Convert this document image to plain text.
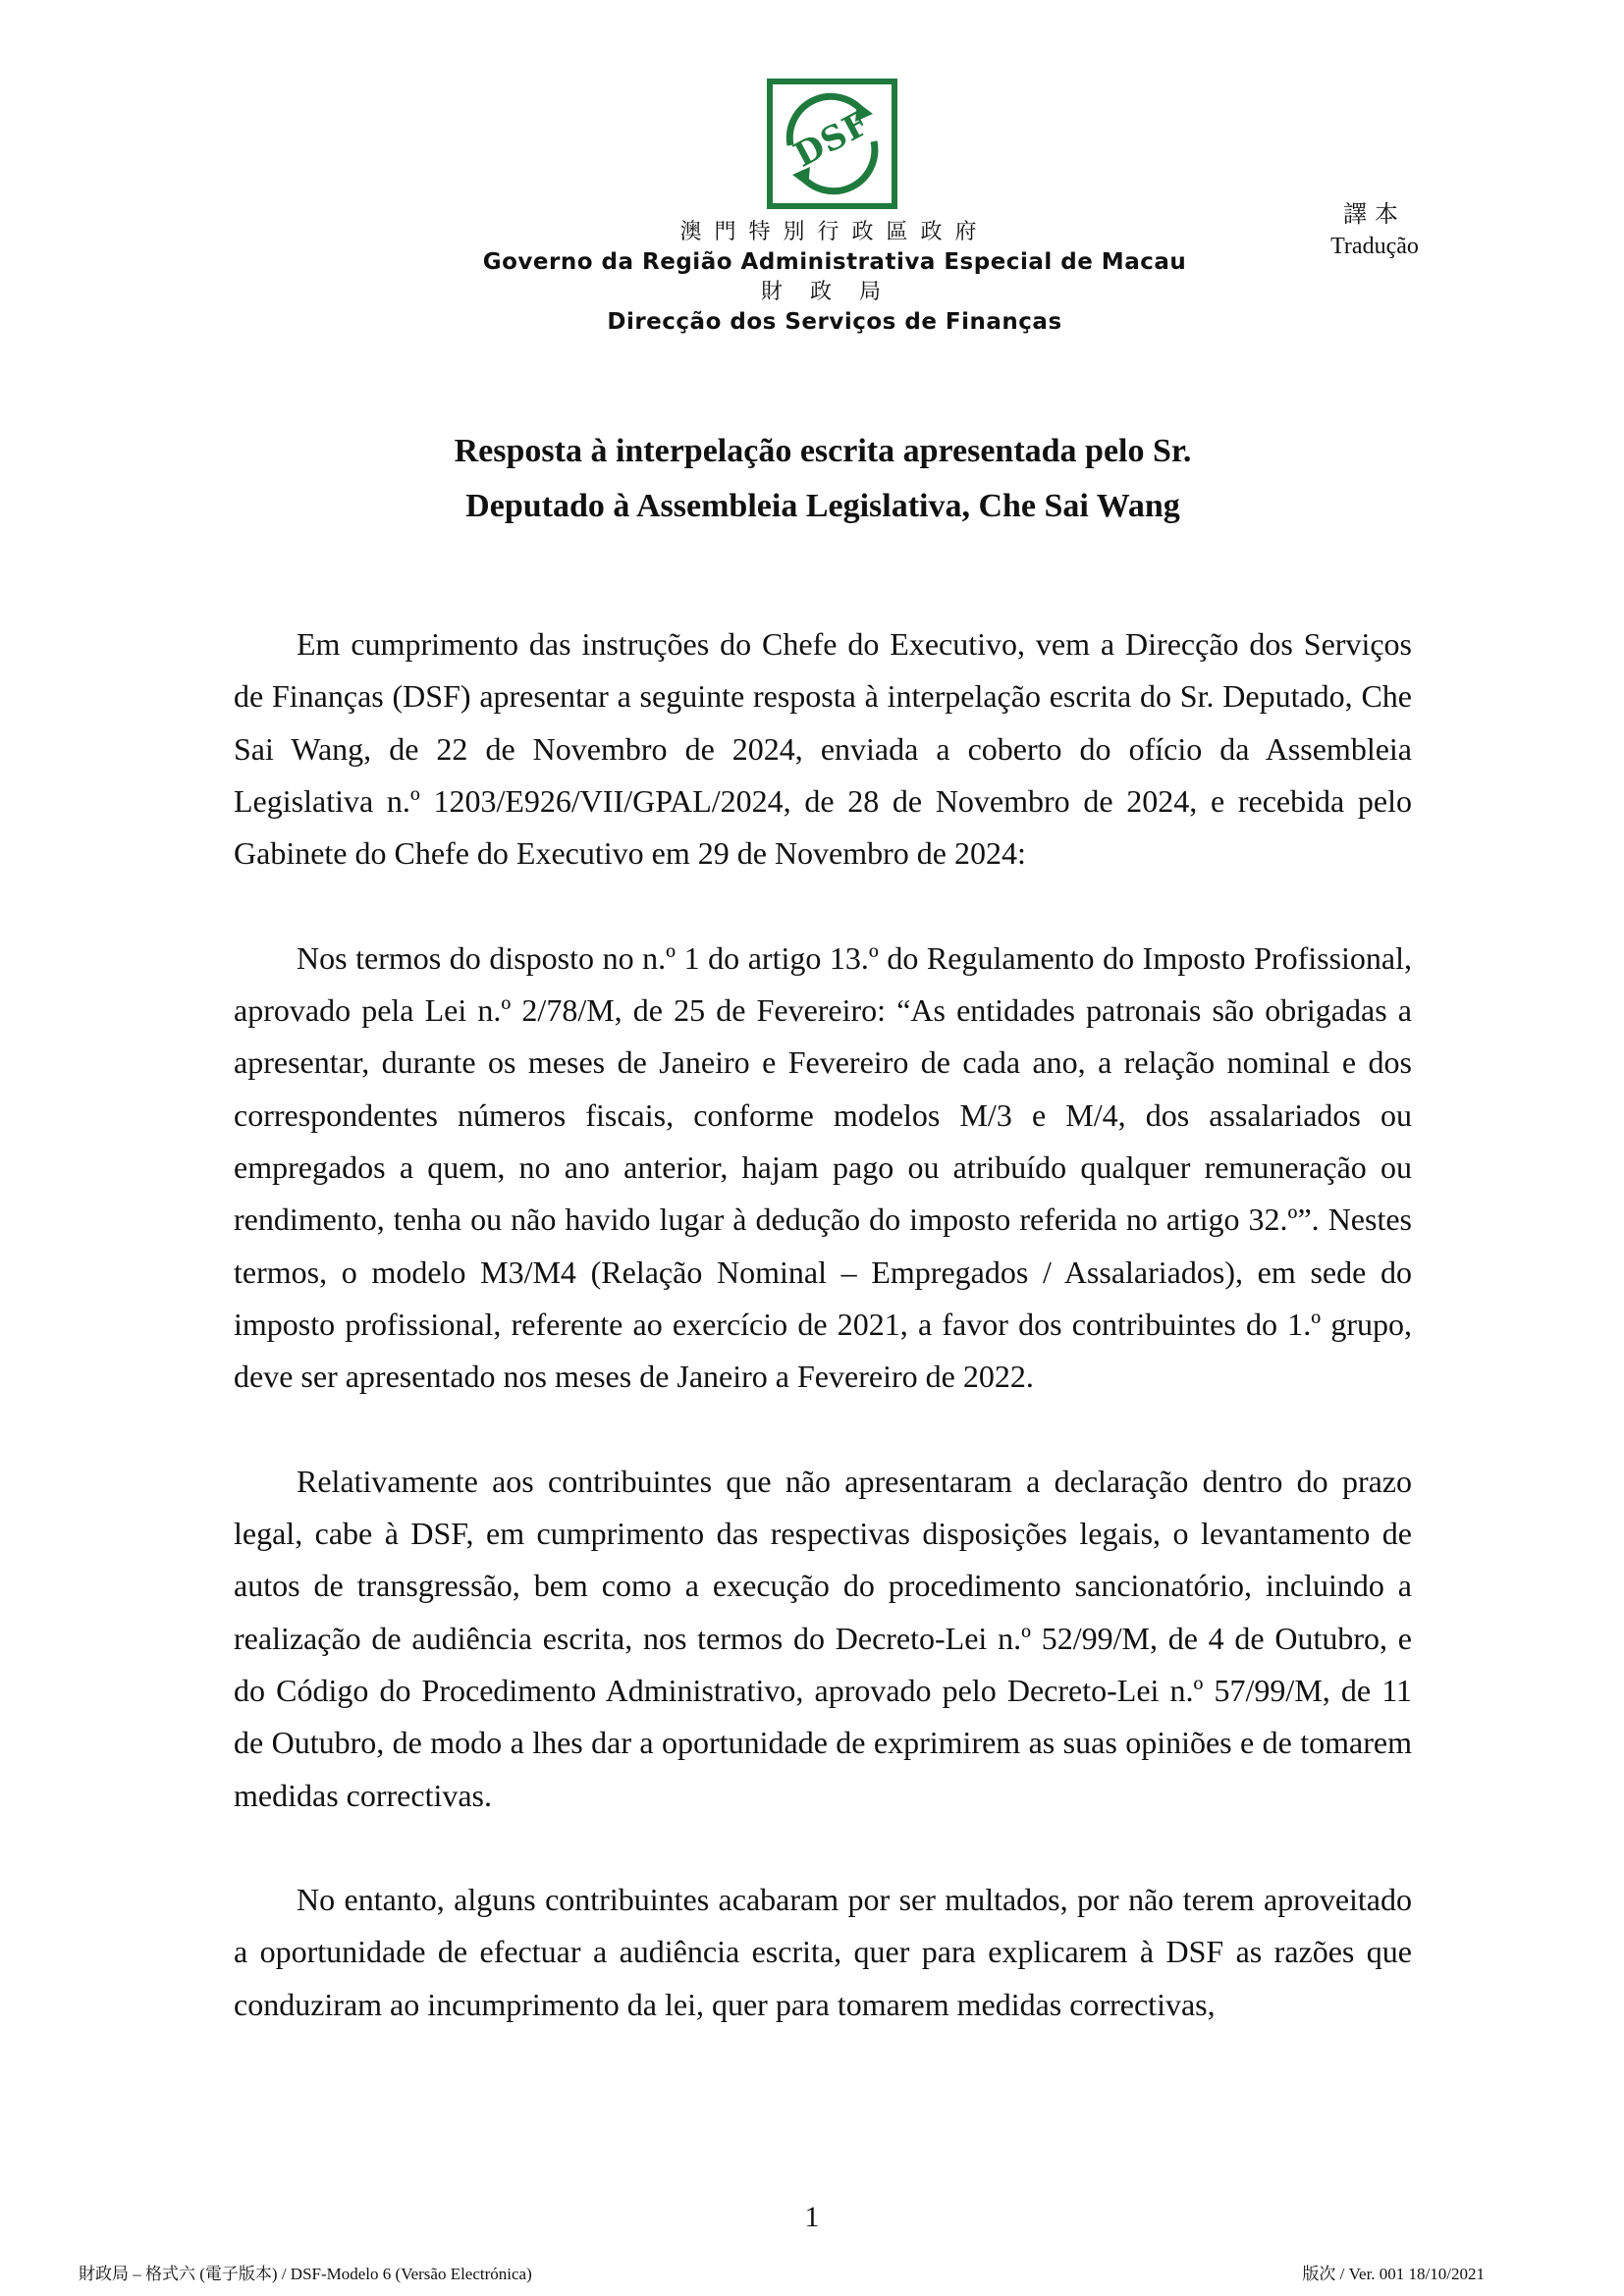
DSF
澳門特別行政區政府
Governo da Região Administrativa Especial de Macau
財政局
Direcção dos Serviços de Finanças
譯本
Tradução
Resposta à interpelação escrita apresentada pelo Sr.
Deputado à Assembleia Legislativa, Che Sai Wang

Em cumprimento das instruções do Chefe do Executivo, vem a Direcção dos Serviços de Finanças (DSF) apresentar a seguinte resposta à interpelação escrita do Sr. Deputado, Che Sai Wang, de 22 de Novembro de 2024, enviada a coberto do ofício da Assembleia Legislativa n.º 1203/E926/VII/GPAL/2024, de 28 de Novembro de 2024, e recebida pelo Gabinete do Chefe do Executivo em 29 de Novembro de 2024:

Nos termos do disposto no n.º 1 do artigo 13.º do Regulamento do Imposto Profissional, aprovado pela Lei n.º 2/78/M, de 25 de Fevereiro: “As entidades patronais são obrigadas a apresentar, durante os meses de Janeiro e Fevereiro de cada ano, a relação nominal e dos correspondentes números fiscais, conforme modelos M/3 e M/4, dos assalariados ou empregados a quem, no ano anterior, hajam pago ou atribuído qualquer remuneração ou rendimento, tenha ou não havido lugar à dedução do imposto referida no artigo 32.º”. Nestes termos, o modelo M3/M4 (Relação Nominal – Empregados / Assalariados), em sede do imposto profissional, referente ao exercício de 2021, a favor dos contribuintes do 1.º grupo, deve ser apresentado nos meses de Janeiro a Fevereiro de 2022.

Relativamente aos contribuintes que não apresentaram a declaração dentro do prazo legal, cabe à DSF, em cumprimento das respectivas disposições legais, o levantamento de autos de transgressão, bem como a execução do procedimento sancionatório, incluindo a realização de audiência escrita, nos termos do Decreto-Lei n.º 52/99/M, de 4 de Outubro, e do Código do Procedimento Administrativo, aprovado pelo Decreto-Lei n.º 57/99/M, de 11 de Outubro, de modo a lhes dar a oportunidade de exprimirem as suas opiniões e de tomarem medidas correctivas.

No entanto, alguns contribuintes acabaram por ser multados, por não terem aproveitado a oportunidade de efectuar a audiência escrita, quer para explicarem à DSF as razões que conduziram ao incumprimento da lei, quer para tomarem medidas correctivas,

1
財政局 – 格式六 (電子版本) / DSF-Modelo 6 (Versão Electrónica)	版次 / Ver. 001 18/10/2021
